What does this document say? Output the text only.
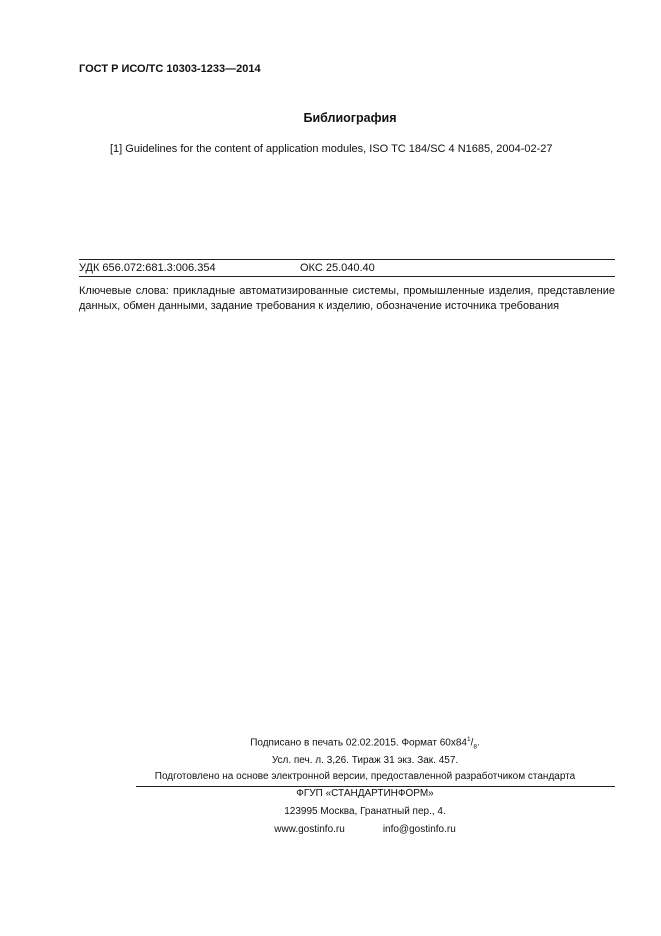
ГОСТ Р ИСО/ТС 10303-1233—2014
Библиография
[1] Guidelines for the content of application modules, ISO TC 184/SC 4 N1685, 2004-02-27
УДК 656.072:681.3:006.354	ОКС 25.040.40
Ключевые слова: прикладные автоматизированные системы, промышленные изделия, представление данных, обмен данными, задание требования к изделию, обозначение источника требования
Подписано в печать 02.02.2015. Формат $60x84^1/_8$.
Усл. печ. л. 3,26. Тираж 31 экз. Зак. 457.
Подготовлено на основе электронной версии, предоставленной разработчиком стандарта
ФГУП «СТАНДАРТИНФОРМ»
123995 Москва, Гранатный пер., 4.
www.gostinfo.ru	info@gostinfo.ru
